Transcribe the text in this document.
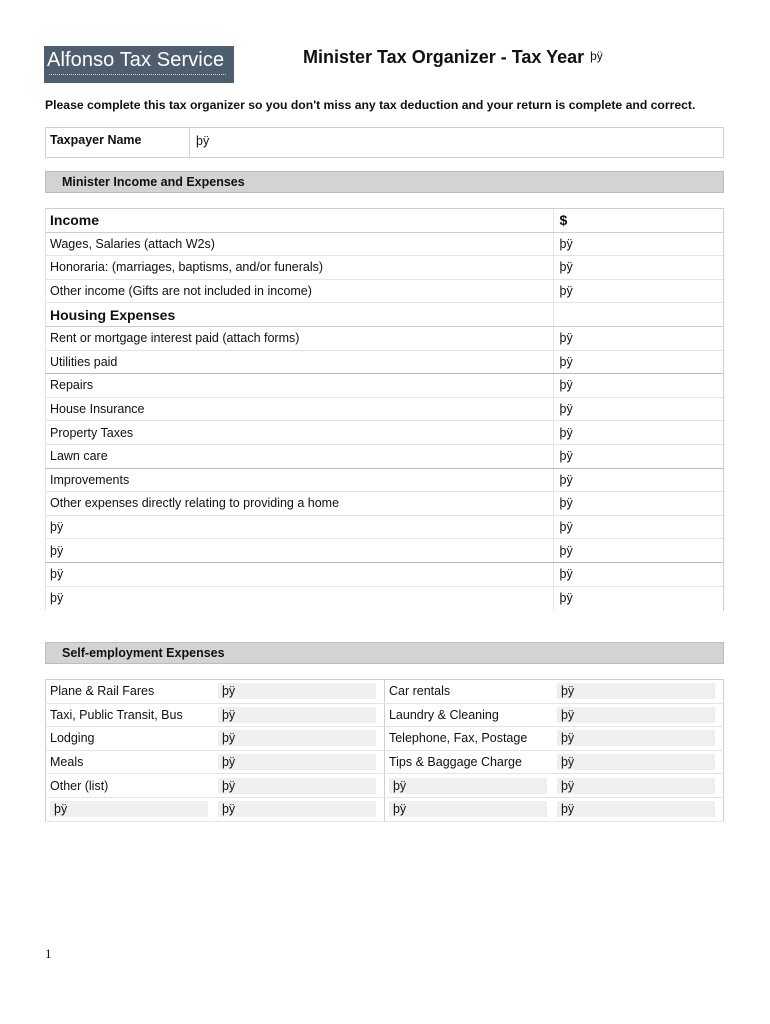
Alfonso Tax Service	Minister Tax Organizer - Tax Year $^{þÿ}$
Please complete this tax organizer so you don't miss any tax deduction and your return is complete and correct.
Taxpayer Name	þÿ
Minister Income and Expenses
Income	$
Wages, Salaries (attach W2s)	þÿ
Honoraria: (marriages, baptisms, and/or funerals)	þÿ
Other income (Gifts are not included in income)	þÿ
Housing Expenses	
Rent or mortgage interest paid (attach forms)	þÿ
Utilities paid	þÿ
Repairs	þÿ
House Insurance	þÿ
Property Taxes	þÿ
Lawn care	þÿ
Improvements	þÿ
Other expenses directly relating to providing a home	þÿ
þÿ	þÿ
þÿ	þÿ
þÿ	þÿ
þÿ	þÿ
Self-employment Expenses
Plane & Rail Fares	þÿ	Car rentals	þÿ
Taxi, Public Transit, Bus	þÿ	Laundry & Cleaning	þÿ
Lodging	þÿ	Telephone, Fax, Postage	þÿ
Meals	þÿ	Tips & Baggage Charge	þÿ
Other (list)	þÿ	þÿ	þÿ
þÿ	þÿ	þÿ	þÿ
1
